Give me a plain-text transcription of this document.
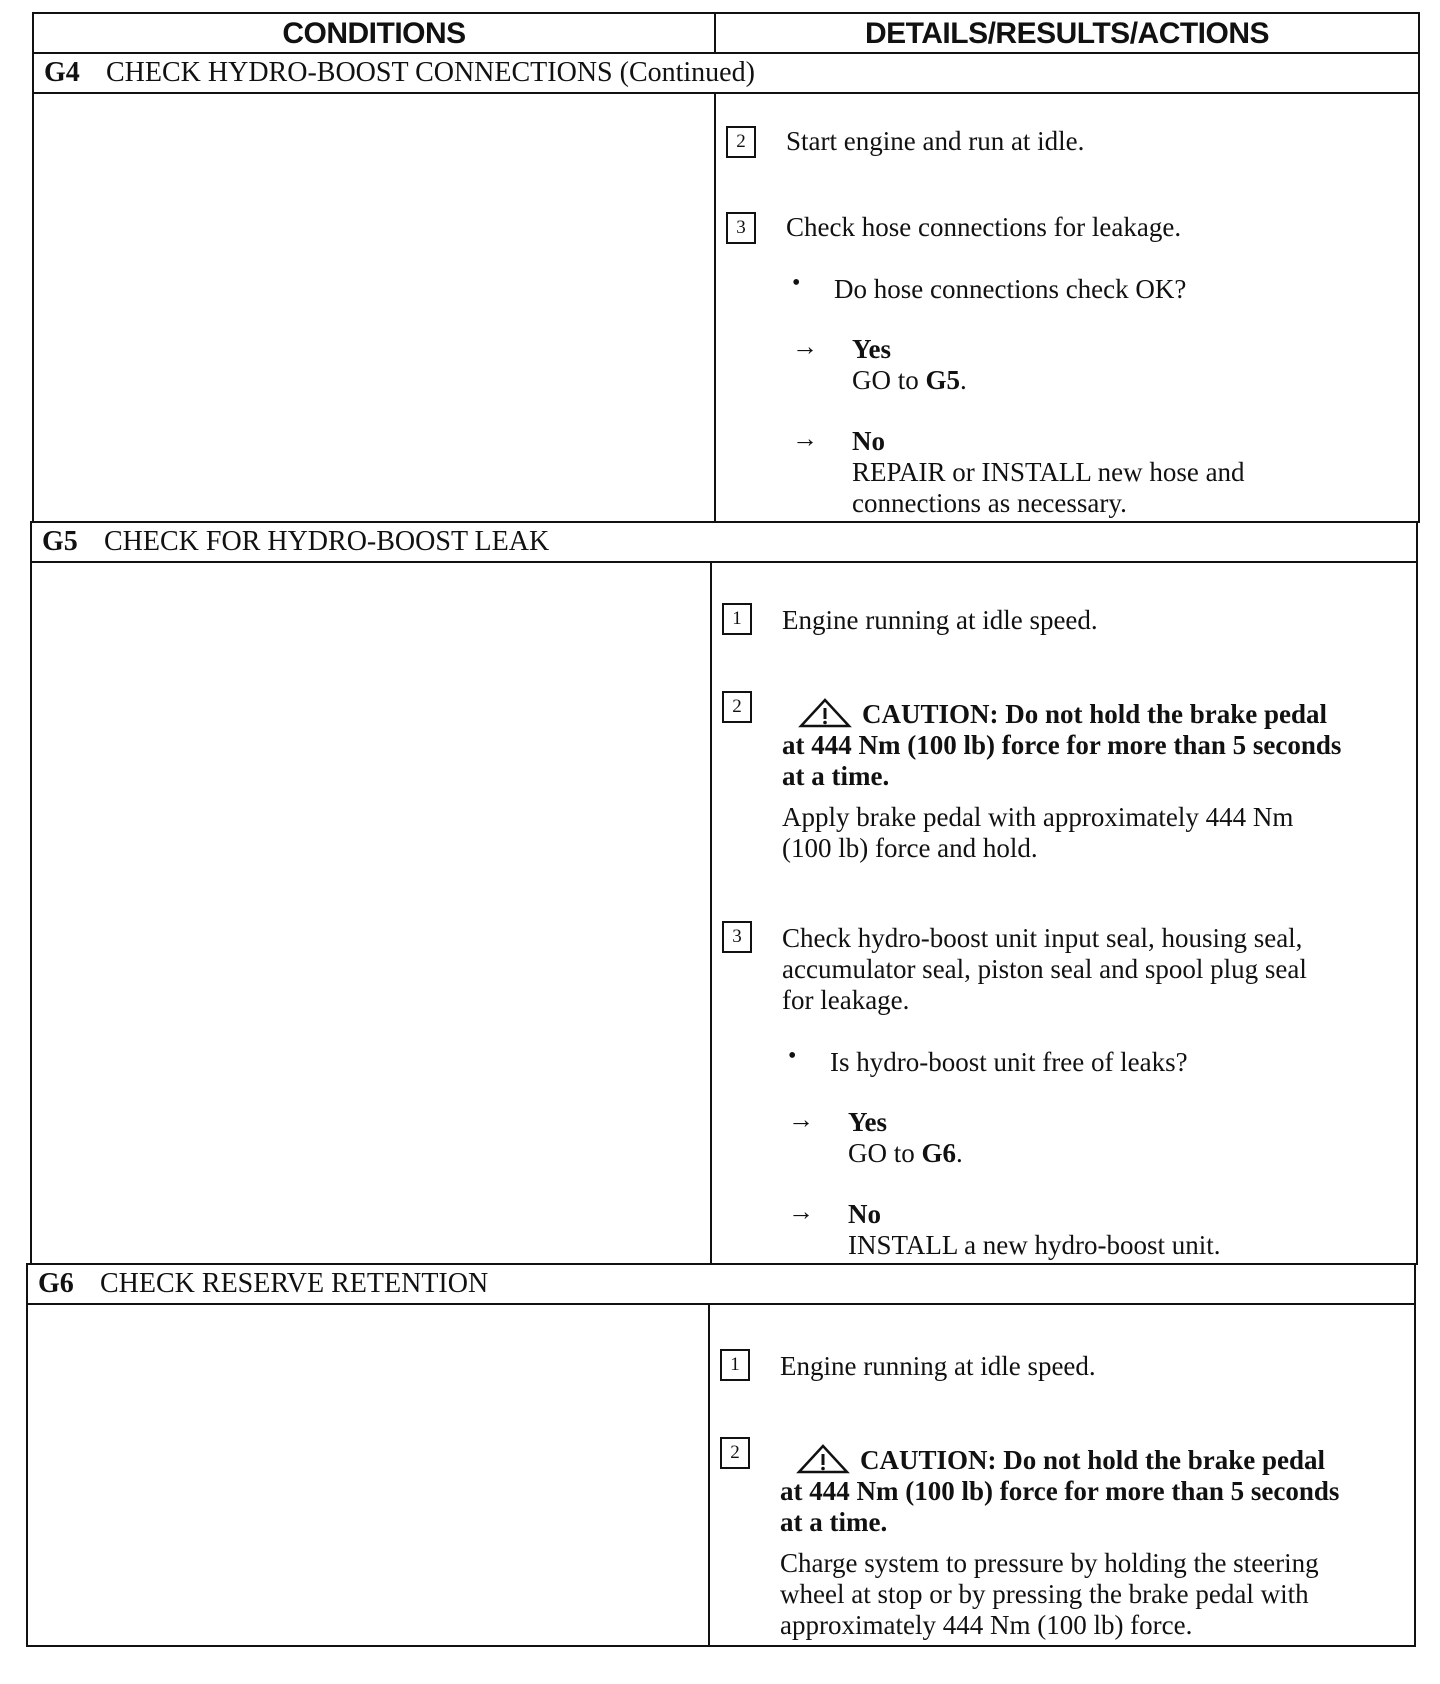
CONDITIONS	DETAILS/RESULTS/ACTIONS
G4 CHECK HYDRO-BOOST CONNECTIONS (Continued)
2	Start engine and run at idle.
3	Check hose connections for leakage.
• Do hose connections check OK?
→ Yes
GO to G5.
→ No
REPAIR or INSTALL new hose and
connections as necessary.
G5 CHECK FOR HYDRO-BOOST LEAK
1	Engine running at idle speed.
2	CAUTION: Do not hold the brake pedal
at 444 Nm (100 lb) force for more than 5 seconds
at a time.
Apply brake pedal with approximately 444 Nm
(100 lb) force and hold.
3	Check hydro-boost unit input seal, housing seal,
accumulator seal, piston seal and spool plug seal
for leakage.
• Is hydro-boost unit free of leaks?
→ Yes
GO to G6.
→ No
INSTALL a new hydro-boost unit.
G6 CHECK RESERVE RETENTION
1	Engine running at idle speed.
2	CAUTION: Do not hold the brake pedal
at 444 Nm (100 lb) force for more than 5 seconds
at a time.
Charge system to pressure by holding the steering
wheel at stop or by pressing the brake pedal with
approximately 444 Nm (100 lb) force.
